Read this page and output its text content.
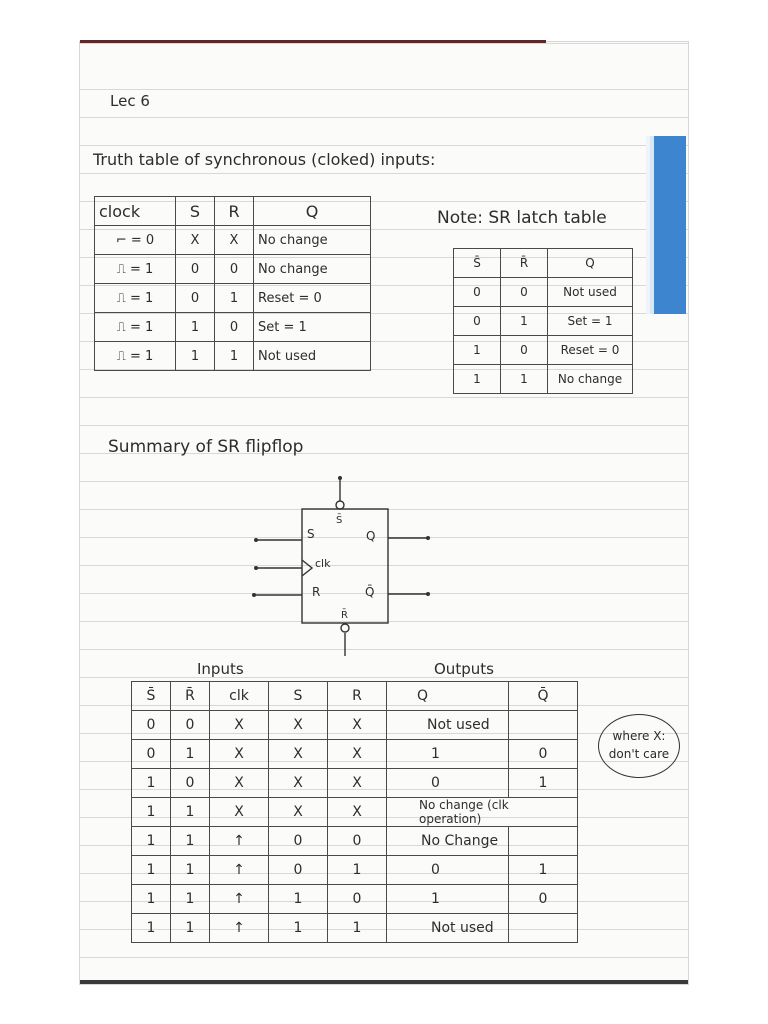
Lec 6
Truth table of synchronous (cloked) inputs:
clock	S	R	Q
⌐ = 0	X	X	No change
⎍ = 1	0	0	No change
⎍ = 1	0	1	Reset = 0
⎍ = 1	1	0	Set = 1
⎍ = 1	1	1	Not used
Note: SR latch table
S̄	R̄	Q
0	0	Not used
0	1	Set = 1
1	0	Reset = 0
1	1	No change
Summary of SR flipflop
S
clk
R
Q
Q̄
S̄
R̄
Inputs	Outputs
S̄	R̄	clk	S	R	Q	Q̄
0	0	X	X	X	Not used	
0	1	X	X	X	1	0
1	0	X	X	X	0	1
1	1	X	X	X	No change (clk operation)	
1	1	↑	0	0	No Change	
1	1	↑	0	1	0	1
1	1	↑	1	0	1	0
1	1	↑	1	1	Not used	
where X:
don't care
